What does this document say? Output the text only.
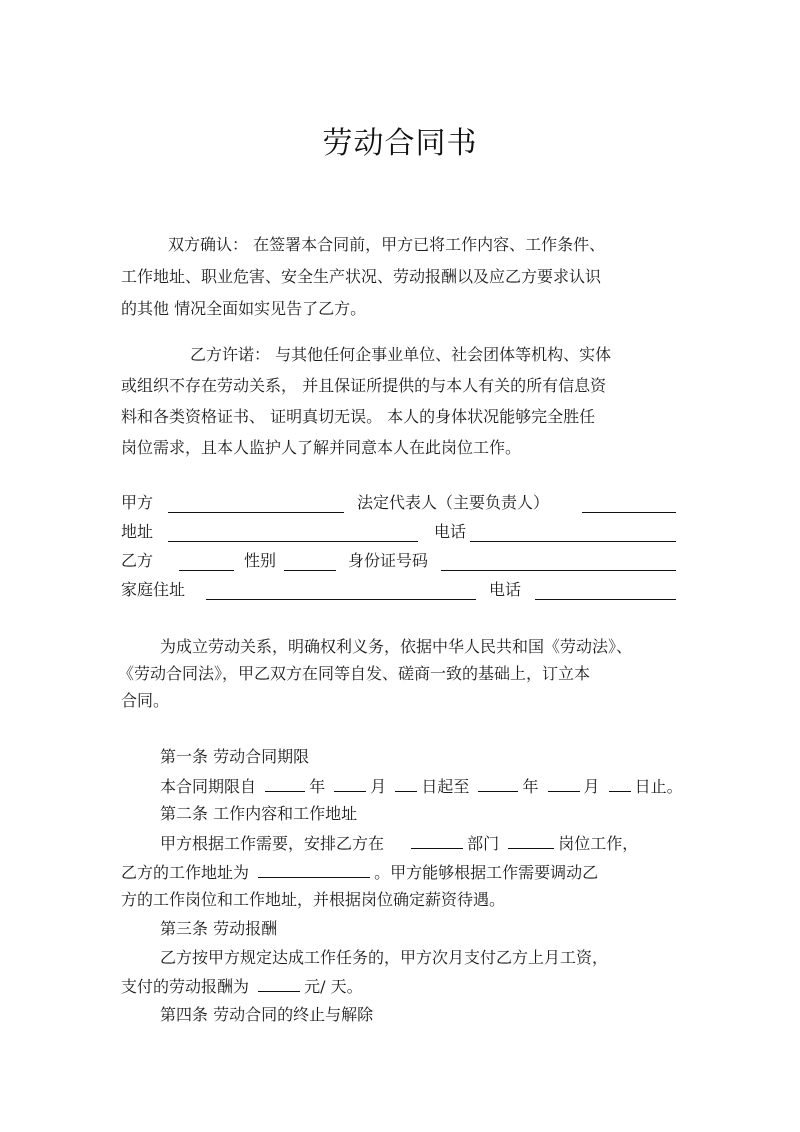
劳动合同书
双方确认： 在签署本合同前，甲方已将工作内容、工作条件、
工作地址、职业危害、安全生产状况、劳动报酬以及应乙方要求认识
的其他 情况全面如实见告了乙方。
乙方许诺： 与其他任何企事业单位、社会团体等机构、实体
或组织不存在劳动关系， 并且保证所提供的与本人有关的所有信息资
料和各类资格证书、 证明真切无误。 本人的身体状况能够完全胜任
岗位需求，且本人监护人了解并同意本人在此岗位工作。
甲方	法定代表人（主要负责人）
地址	电话
乙方	性别	身份证号码
家庭住址	电话
为成立劳动关系，明确权利义务，依据中华人民共和国《劳动法》、
《劳动合同法》，甲乙双方在同等自发、磋商一致的基础上，订立本
合同。
第一条 劳动合同期限
本合同期限自	年	月 日起至	年	月 日止。
第二条 工作内容和工作地址
甲方根据工作需要，安排乙方在	部门	岗位工作，
乙方的工作地址为	。甲方能够根据工作需要调动乙
方的工作岗位和工作地址，并根据岗位确定薪资待遇。
第三条 劳动报酬
乙方按甲方规定达成工作任务的，甲方次月支付乙方上月工资，
支付的劳动报酬为	元/ 天。
第四条 劳动合同的终止与解除
